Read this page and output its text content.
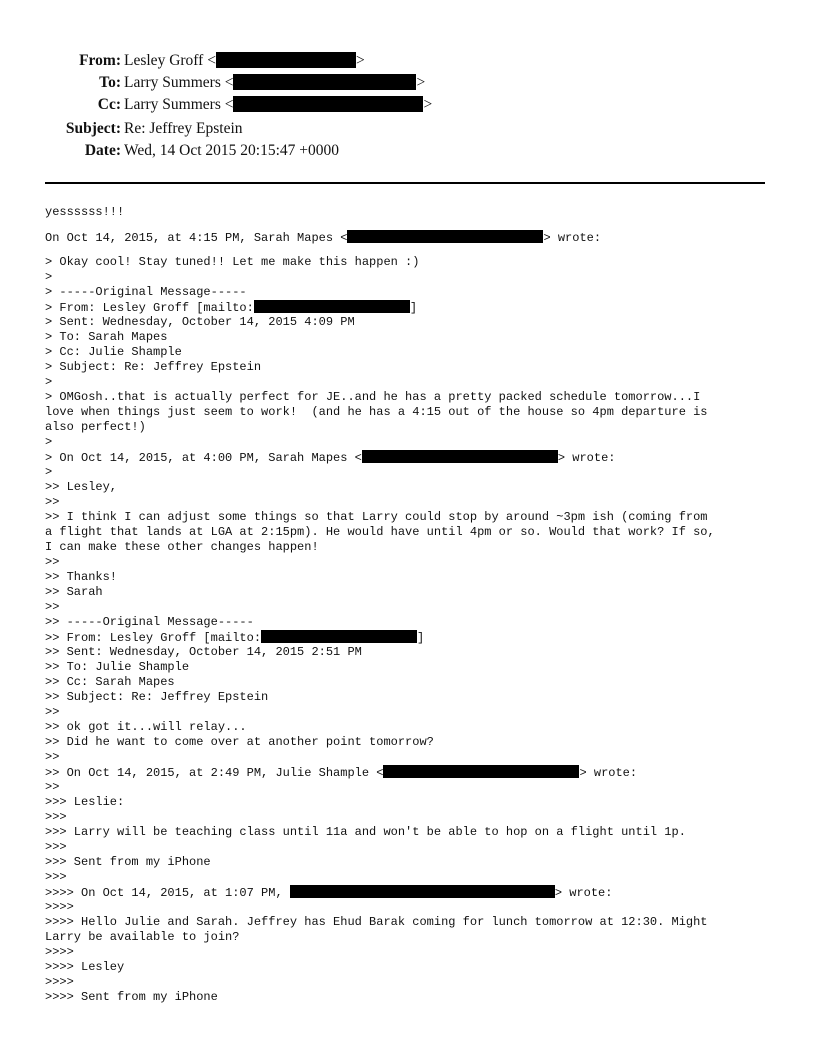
From: Lesley Groff <	>
To: Larry Summers <	>
Cc: Larry Summers <	>
Subject: Re: Jeffrey Epstein
Date: Wed, 14 Oct 2015 20:15:47 +0000
yessssss!!!
On Oct 14, 2015, at 4:15 PM, Sarah Mapes <	> wrote:
> Okay cool! Stay tuned!! Let me make this happen :)
>
> -----Original Message-----
> From: Lesley Groff [mailto:	]
> Sent: Wednesday, October 14, 2015 4:09 PM
> To: Sarah Mapes
> Cc: Julie Shample
> Subject: Re: Jeffrey Epstein
>
> OMGosh..that is actually perfect for JE..and he has a pretty packed schedule tomorrow...I
love when things just seem to work!  (and he has a 4:15 out of the house so 4pm departure is
also perfect!)
>
> On Oct 14, 2015, at 4:00 PM, Sarah Mapes <	> wrote:
>
>> Lesley,
>>
>> I think I can adjust some things so that Larry could stop by around ~3pm ish (coming from
a flight that lands at LGA at 2:15pm). He would have until 4pm or so. Would that work? If so,
I can make these other changes happen!
>>
>> Thanks!
>> Sarah
>>
>> -----Original Message-----
>> From: Lesley Groff [mailto:	]
>> Sent: Wednesday, October 14, 2015 2:51 PM
>> To: Julie Shample
>> Cc: Sarah Mapes
>> Subject: Re: Jeffrey Epstein
>>
>> ok got it...will relay...
>> Did he want to come over at another point tomorrow?
>>
>> On Oct 14, 2015, at 2:49 PM, Julie Shample <	> wrote:
>>
>>> Leslie:
>>>
>>> Larry will be teaching class until 11a and won't be able to hop on a flight until 1p.
>>>
>>> Sent from my iPhone
>>>
>>>> On Oct 14, 2015, at 1:07 PM,	> wrote:
>>>>
>>>> Hello Julie and Sarah. Jeffrey has Ehud Barak coming for lunch tomorrow at 12:30. Might
Larry be available to join?
>>>>
>>>> Lesley
>>>>
>>>> Sent from my iPhone
